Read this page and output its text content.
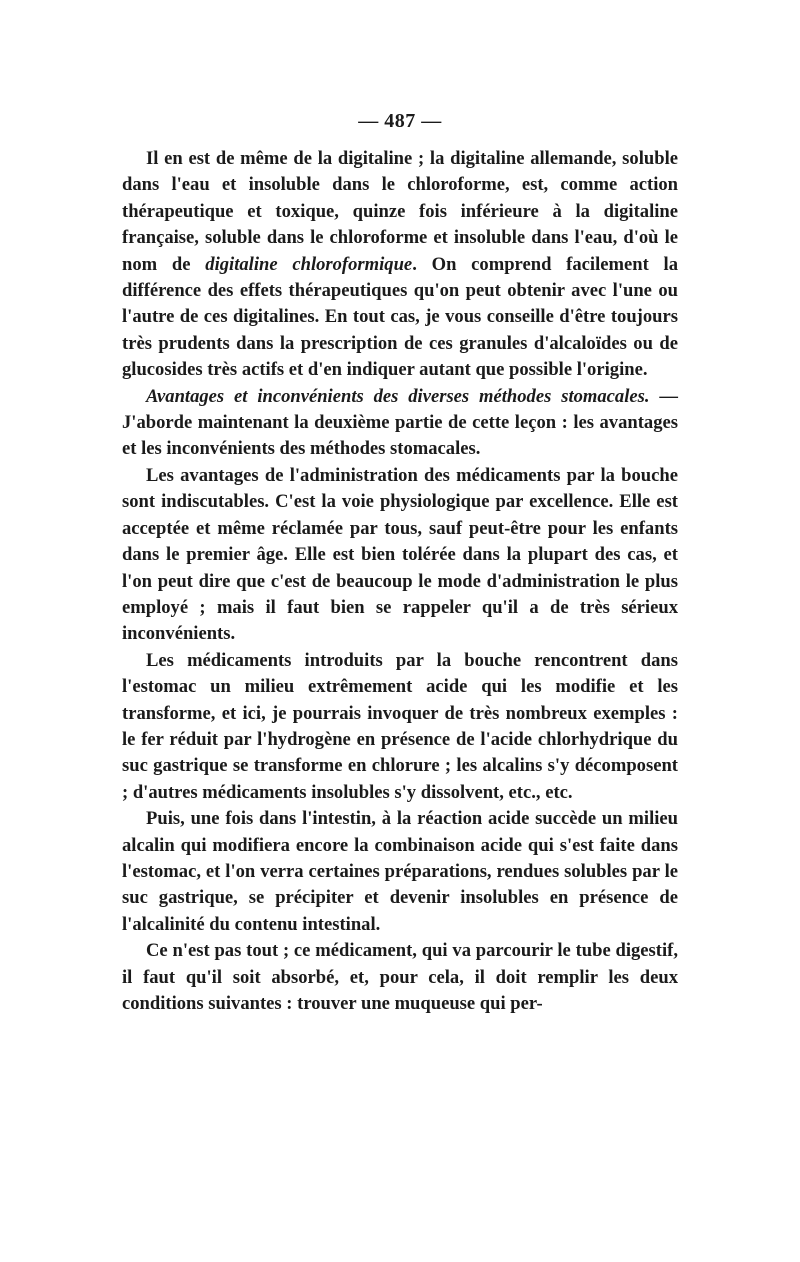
— 487 —

Il en est de même de la digitaline ; la digitaline allemande, soluble dans l'eau et insoluble dans le chloroforme, est, comme action thérapeutique et toxique, quinze fois inférieure à la digitaline française, soluble dans le chloroforme et insoluble dans l'eau, d'où le nom de digitaline chloroformique. On comprend facilement la différence des effets thérapeutiques qu'on peut obtenir avec l'une ou l'autre de ces digitalines. En tout cas, je vous conseille d'être toujours très prudents dans la prescription de ces granules d'alcaloïdes ou de glucosides très actifs et d'en indiquer autant que possible l'origine.

Avantages et inconvénients des diverses méthodes stomacales. — J'aborde maintenant la deuxième partie de cette leçon : les avantages et les inconvénients des méthodes stomacales.

Les avantages de l'administration des médicaments par la bouche sont indiscutables. C'est la voie physiologique par excellence. Elle est acceptée et même réclamée par tous, sauf peut-être pour les enfants dans le premier âge. Elle est bien tolérée dans la plupart des cas, et l'on peut dire que c'est de beaucoup le mode d'administration le plus employé ; mais il faut bien se rappeler qu'il a de très sérieux inconvénients.

Les médicaments introduits par la bouche rencontrent dans l'estomac un milieu extrêmement acide qui les modifie et les transforme, et ici, je pourrais invoquer de très nombreux exemples : le fer réduit par l'hydrogène en présence de l'acide chlorhydrique du suc gastrique se transforme en chlorure ; les alcalins s'y décomposent ; d'autres médicaments insolubles s'y dissolvent, etc., etc.

Puis, une fois dans l'intestin, à la réaction acide succède un milieu alcalin qui modifiera encore la combinaison acide qui s'est faite dans l'estomac, et l'on verra certaines préparations, rendues solubles par le suc gastrique, se précipiter et devenir insolubles en présence de l'alcalinité du contenu intestinal.

Ce n'est pas tout ; ce médicament, qui va parcourir le tube digestif, il faut qu'il soit absorbé, et, pour cela, il doit remplir les deux conditions suivantes : trouver une muqueuse qui per-
